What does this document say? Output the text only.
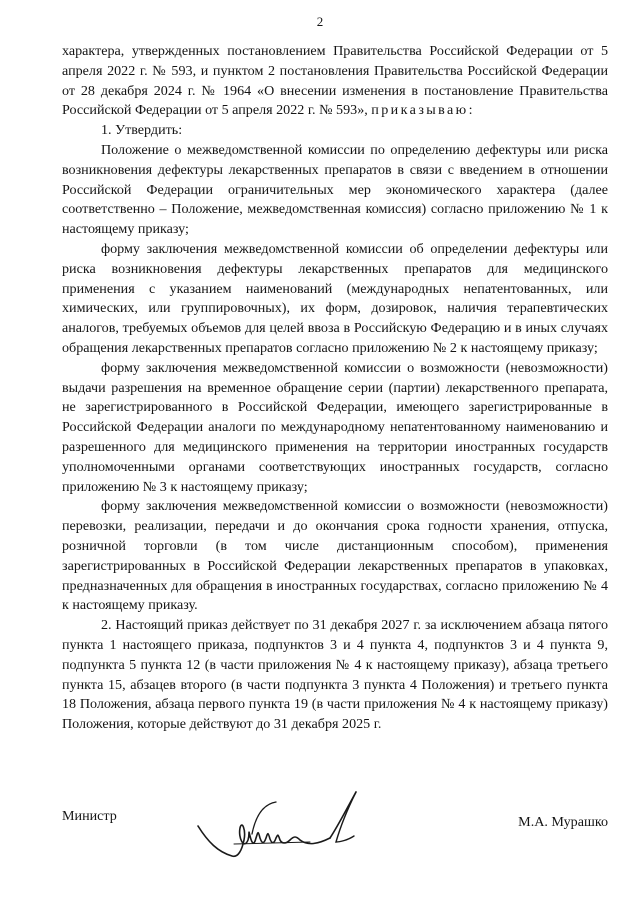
2

характера, утвержденных постановлением Правительства Российской Федерации от 5 апреля 2022 г. № 593, и пунктом 2 постановления Правительства Российской Федерации от 28 декабря 2024 г. № 1964 «О внесении изменения в постановление Правительства Российской Федерации от 5 апреля 2022 г. № 593», приказываю:

1. Утвердить:

Положение о межведомственной комиссии по определению дефектуры или риска возникновения дефектуры лекарственных препаратов в связи с введением в отношении Российской Федерации ограничительных мер экономического характера (далее соответственно – Положение, межведомственная комиссия) согласно приложению № 1 к настоящему приказу;

форму заключения межведомственной комиссии об определении дефектуры или риска возникновения дефектуры лекарственных препаратов для медицинского применения с указанием наименований (международных непатентованных, или химических, или группировочных), их форм, дозировок, наличия терапевтических аналогов, требуемых объемов для целей ввоза в Российскую Федерацию и в иных случаях обращения лекарственных препаратов согласно приложению № 2 к настоящему приказу;

форму заключения межведомственной комиссии о возможности (невозможности) выдачи разрешения на временное обращение серии (партии) лекарственного препарата, не зарегистрированного в Российской Федерации, имеющего зарегистрированные в Российской Федерации аналоги по международному непатентованному наименованию и разрешенного для медицинского применения на территории иностранных государств уполномоченными органами соответствующих иностранных государств, согласно приложению № 3 к настоящему приказу;

форму заключения межведомственной комиссии о возможности (невозможности) перевозки, реализации, передачи и до окончания срока годности хранения, отпуска, розничной торговли (в том числе дистанционным способом), применения зарегистрированных в Российской Федерации лекарственных препаратов в упаковках, предназначенных для обращения в иностранных государствах, согласно приложению № 4 к настоящему приказу.

2. Настоящий приказ действует по 31 декабря 2027 г. за исключением абзаца пятого пункта 1 настоящего приказа, подпунктов 3 и 4 пункта 4, подпунктов 3 и 4 пункта 9, подпункта 5 пункта 12 (в части приложения № 4 к настоящему приказу), абзаца третьего пункта 15, абзацев второго (в части подпункта 3 пункта 4 Положения) и третьего пункта 18 Положения, абзаца первого пункта 19 (в части приложения № 4 к настоящему приказу) Положения, которые действуют до 31 декабря 2025 г.

Министр	М.А. Мурашко
